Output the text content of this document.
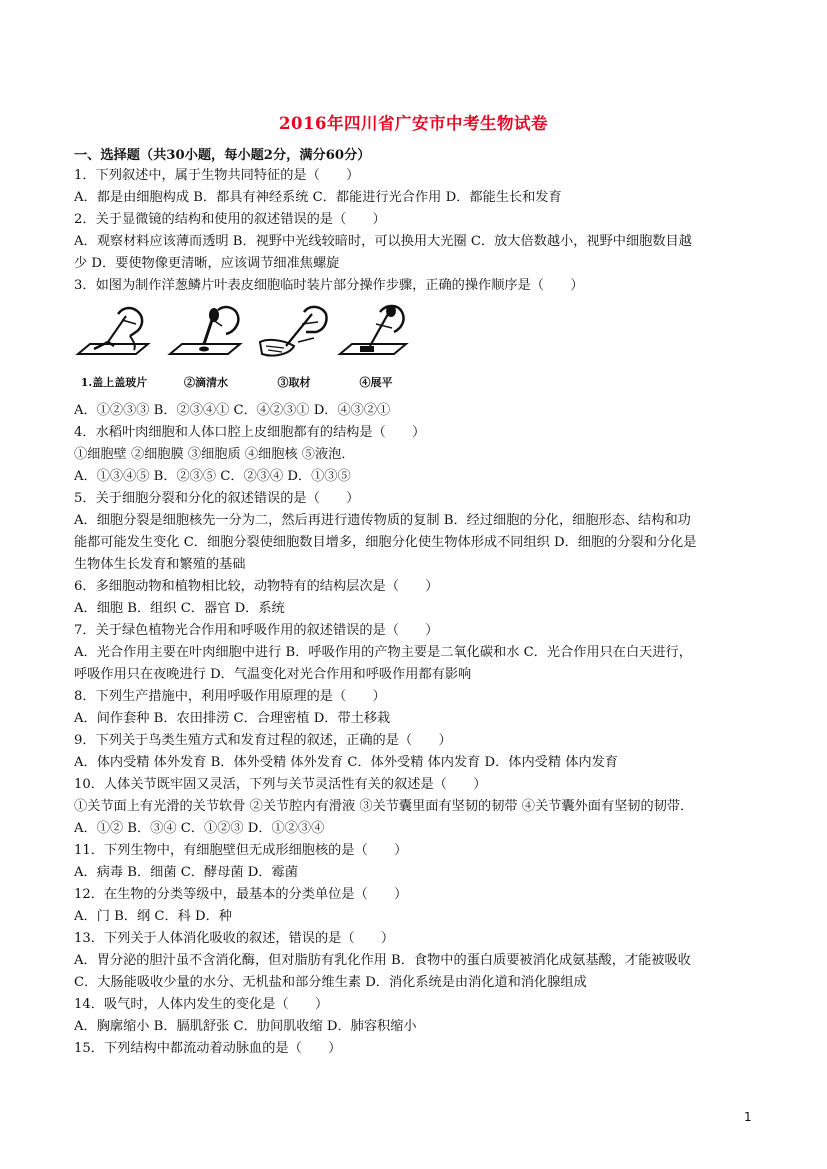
2016年四川省广安市中考生物试卷
一、选择题（共30小题，每小题2分，满分60分）
1．下列叙述中，属于生物共同特征的是（　　）
A．都是由细胞构成 B．都具有神经系统 C．都能进行光合作用 D．都能生长和发育
2．关于显微镜的结构和使用的叙述错误的是（　　）
A．观察材料应该薄而透明 B．视野中光线较暗时，可以换用大光圈 C．放大倍数越小，视野中细胞数目越
少 D．要使物像更清晰，应该调节细准焦螺旋
3．如图为制作洋葱鳞片叶表皮细胞临时装片部分操作步骤，正确的操作顺序是（　　）
1.盖上盖玻片	②滴清水	③取材	④展平
A．①②③③ B．②③④① C．④②③① D．④③②①
4．水稻叶肉细胞和人体口腔上皮细胞都有的结构是（　　）
①细胞壁 ②细胞膜 ③细胞质 ④细胞核 ⑤液泡．
A．①③④⑤ B．②③⑤ C．②③④ D．①③⑤
5．关于细胞分裂和分化的叙述错误的是（　　）
A．细胞分裂是细胞核先一分为二，然后再进行遗传物质的复制 B．经过细胞的分化，细胞形态、结构和功
能都可能发生变化 C．细胞分裂使细胞数目增多，细胞分化使生物体形成不同组织 D．细胞的分裂和分化是
生物体生长发育和繁殖的基础
6．多细胞动物和植物相比较，动物特有的结构层次是（　　）
A．细胞 B．组织 C．器官 D．系统
7．关于绿色植物光合作用和呼吸作用的叙述错误的是（　　）
A．光合作用主要在叶肉细胞中进行 B．呼吸作用的产物主要是二氧化碳和水 C．光合作用只在白天进行，
呼吸作用只在夜晚进行 D．气温变化对光合作用和呼吸作用都有影响
8．下列生产措施中，利用呼吸作用原理的是（　　）
A．间作套种 B．农田排涝 C．合理密植 D．带土移栽
9．下列关于鸟类生殖方式和发育过程的叙述，正确的是（　　）
A．体内受精 体外发育 B．体外受精 体外发育 C．体外受精 体内发育 D．体内受精 体内发育
10．人体关节既牢固又灵活，下列与关节灵活性有关的叙述是（　　）
①关节面上有光滑的关节软骨 ②关节腔内有滑液 ③关节囊里面有坚韧的韧带 ④关节囊外面有坚韧的韧带．
A．①② B．③④ C．①②③ D．①②③④
11．下列生物中，有细胞壁但无成形细胞核的是（　　）
A．病毒 B．细菌 C．酵母菌 D．霉菌
12．在生物的分类等级中，最基本的分类单位是（　　）
A．门 B．纲 C．科 D．种
13．下列关于人体消化吸收的叙述，错误的是（　　）
A．胃分泌的胆汁虽不含消化酶，但对脂肪有乳化作用 B．食物中的蛋白质要被消化成氨基酸，才能被吸收
C．大肠能吸收少量的水分、无机盐和部分维生素 D．消化系统是由消化道和消化腺组成
14．吸气时，人体内发生的变化是（　　）
A．胸廓缩小 B．膈肌舒张 C．肋间肌收缩 D．肺容积缩小
15．下列结构中都流动着动脉血的是（　　）
1
